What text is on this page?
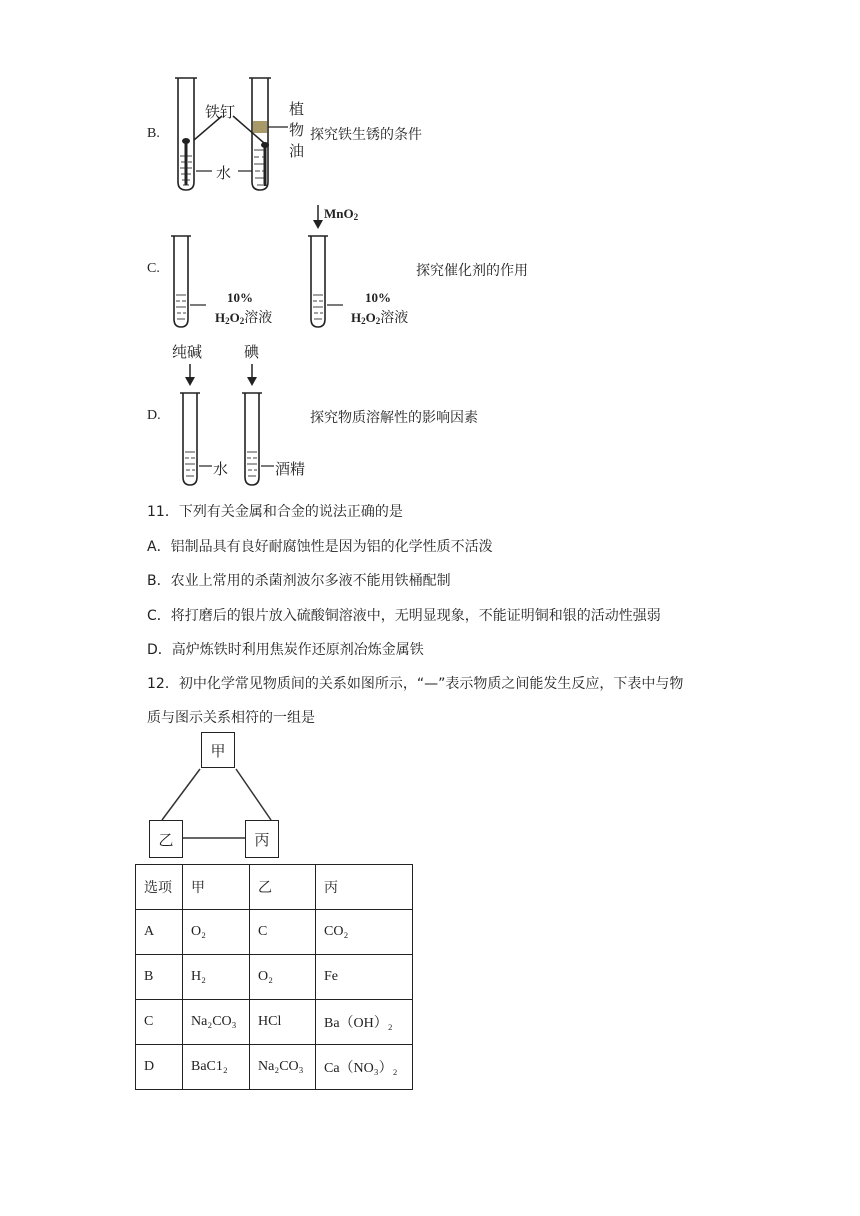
B.
铁钉	植
物
油
水
探究铁生锈的条件
C.
MnO$_2$
10%
$H_2O_2$溶液
10%
$H_2O_2$溶液
探究催化剂的作用
D.
纯碱	碘
水	酒精
探究物质溶解性的影响因素
11．下列有关金属和合金的说法正确的是
A．铝制品具有良好耐腐蚀性是因为铝的化学性质不活泼
B．农业上常用的杀菌剂波尔多液不能用铁桶配制
C．将打磨后的银片放入硫酸铜溶液中，无明显现象，不能证明铜和银的活动性强弱
D．高炉炼铁时利用焦炭作还原剂冶炼金属铁
12．初中化学常见物质间的关系如图所示，“—”表示物质之间能发生反应，下表中与物
质与图示关系相符的一组是
甲
乙	丙
选项	甲	乙	丙
A	O₂	C	CO₂
B	H₂	O₂	Fe
C	Na₂CO₃	HCl	Ba（OH）₂
D	BaC1₂	Na₂CO₃	Ca（NO₃）₂
